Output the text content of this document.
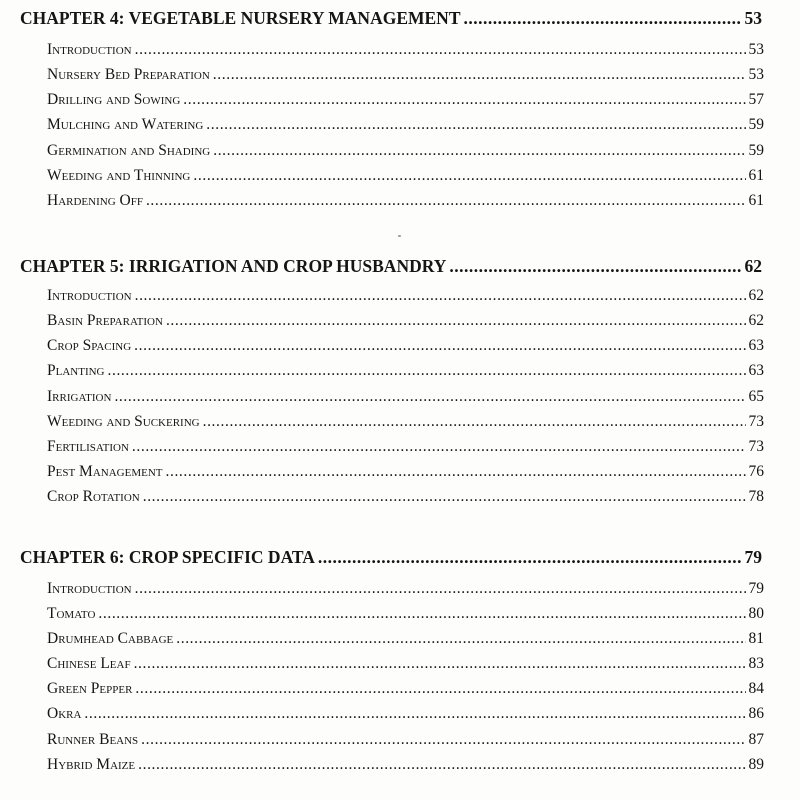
CHAPTER 4: VEGETABLE NURSERY MANAGEMENT .....	53
Introduction .....	53
Nursery Bed Preparation .....	53
Drilling and Sowing .....	57
Mulching and Watering .....	59
Germination and Shading .....	59
Weeding and Thinning .....	61
Hardening Off .....	61
CHAPTER 5: IRRIGATION AND CROP HUSBANDRY .....	62
Introduction .....	62
Basin Preparation .....	62
Crop Spacing .....	63
Planting .....	63
Irrigation .....	65
Weeding and Suckering .....	73
Fertilisation .....	73
Pest Management .....	76
Crop Rotation .....	78
CHAPTER 6: CROP SPECIFIC DATA .....	79
Introduction .....	79
Tomato .....	80
Drumhead Cabbage .....	81
Chinese Leaf .....	83
Green Pepper .....	84
Okra .....	86
Runner Beans .....	87
Hybrid Maize .....	89
